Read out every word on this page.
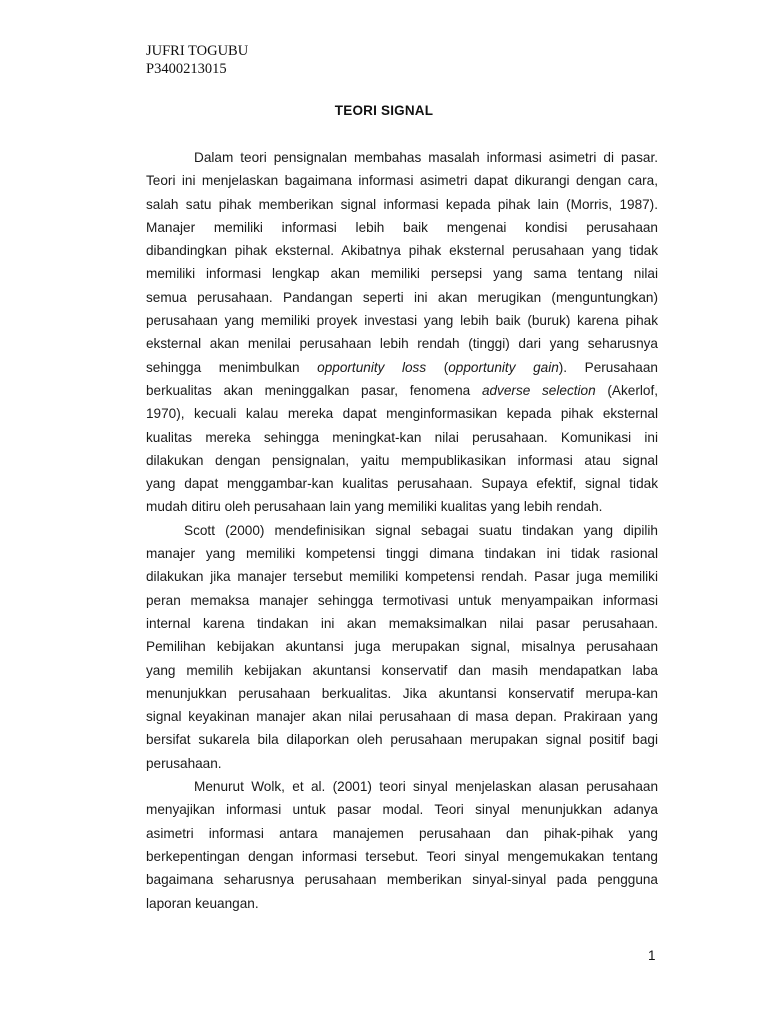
JUFRI TOGUBU
P3400213015
TEORI SIGNAL
Dalam teori pensignalan membahas masalah informasi asimetri di pasar.
Teori ini menjelaskan bagaimana informasi asimetri dapat dikurangi dengan cara,
salah satu pihak memberikan signal informasi kepada pihak lain (Morris, 1987).
Manajer memiliki informasi lebih baik mengenai kondisi perusahaan
dibandingkan pihak eksternal. Akibatnya pihak eksternal perusahaan yang tidak
memiliki informasi lengkap akan memiliki persepsi yang sama tentang nilai
semua perusahaan. Pandangan seperti ini akan merugikan (menguntungkan)
perusahaan yang memiliki proyek investasi yang lebih baik (buruk) karena pihak
eksternal akan menilai perusahaan lebih rendah (tinggi) dari yang seharusnya
sehingga menimbulkan opportunity loss (opportunity gain). Perusahaan
berkualitas akan meninggalkan pasar, fenomena adverse selection (Akerlof,
1970), kecuali kalau mereka dapat menginformasikan kepada pihak eksternal
kualitas mereka sehingga meningkat-kan nilai perusahaan. Komunikasi ini
dilakukan dengan pensignalan, yaitu mempublikasikan informasi atau signal
yang dapat menggambar-kan kualitas perusahaan. Supaya efektif, signal tidak
mudah ditiru oleh perusahaan lain yang memiliki kualitas yang lebih rendah.
Scott (2000) mendefinisikan signal sebagai suatu tindakan yang dipilih
manajer yang memiliki kompetensi tinggi dimana tindakan ini tidak rasional
dilakukan jika manajer tersebut memiliki kompetensi rendah. Pasar juga memiliki
peran memaksa manajer sehingga termotivasi untuk menyampaikan informasi
internal karena tindakan ini akan memaksimalkan nilai pasar perusahaan.
Pemilihan kebijakan akuntansi juga merupakan signal, misalnya perusahaan
yang memilih kebijakan akuntansi konservatif dan masih mendapatkan laba
menunjukkan perusahaan berkualitas. Jika akuntansi konservatif merupa-kan
signal keyakinan manajer akan nilai perusahaan di masa depan. Prakiraan yang
bersifat sukarela bila dilaporkan oleh perusahaan merupakan signal positif bagi
perusahaan.
Menurut Wolk, et al. (2001) teori sinyal menjelaskan alasan perusahaan
menyajikan informasi untuk pasar modal. Teori sinyal menunjukkan adanya
asimetri informasi antara manajemen perusahaan dan pihak-pihak yang
berkepentingan dengan informasi tersebut. Teori sinyal mengemukakan tentang
bagaimana seharusnya perusahaan memberikan sinyal-sinyal pada pengguna
laporan keuangan.
1
